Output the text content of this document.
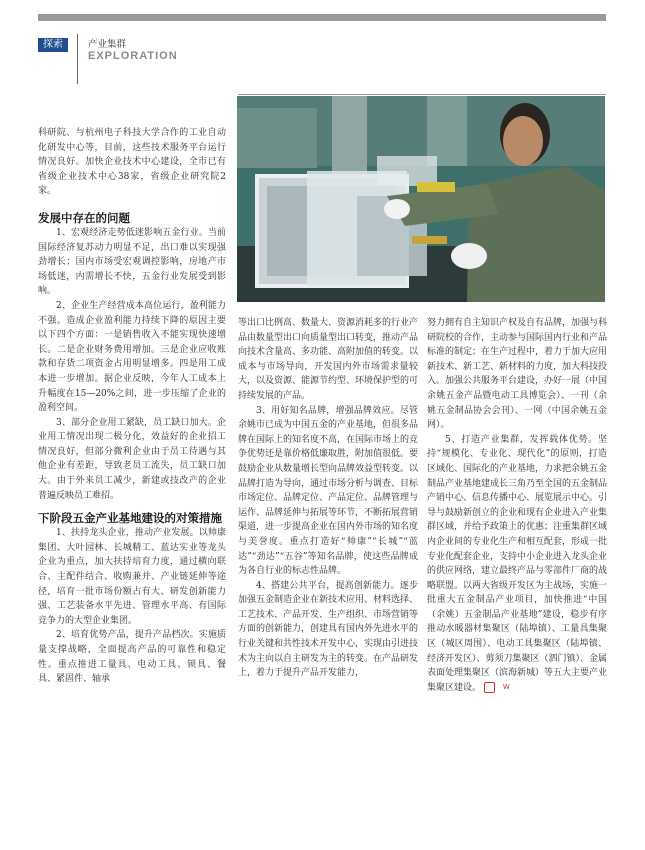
探索	产业集群
EXPLORATION

科研院、与杭州电子科技大学合作的工业自动化研发中心等，目前，这些技术服务平台运行情况良好。加快企业技术中心建设，全市已有省级企业技术中心38家，省级企业研究院2家。

发展中存在的问题

1、宏观经济走势低迷影响五金行业。当前国际经济复苏动力明显不足，出口难以实现强劲增长；国内市场受宏观调控影响，房地产市场低迷，内需增长不快，五金行业发展受到影响。

2、企业生产经营成本高位运行，盈利能力不强。造成企业盈利能力持续下降的原因主要以下四个方面：一是销售收入不能实现快速增长。二是企业财务费用增加。三是企业应收账款和存货二项资金占用明显增多。四是用工成本进一步增加。据企业反映，今年人工成本上升幅度在15—20%之间，进一步压缩了企业的盈利空间。

3、部分企业用工紧缺，员工缺口加大。企业用工情况出现二极分化，效益好的企业招工情况良好，但部分微利企业由于员工待遇与其他企业有差距，导致老员工流失，员工缺口加大。由于外来员工减少，新建或技改产的企业普遍反映员工难招。

下阶段五金产业基地建设的对策措施

1、扶持龙头企业，推动产业发展。以帅康集团、大叶园林、长城精工、蓝达实业等龙头企业为重点，加大扶持培育力度，通过横向联合、主配件结合、收购兼并、产业链延伸等途径，培育一批市场份额占有大、研发创新能力强、工艺装备水平先进、管理水平高、有国际竞争力的大型企业集团。

2、培育优势产品，提升产品档次。实施质量支撑战略，全面提高产品的可靠性和稳定性。重点推进工量具、电动工具、锁具、餐具、紧固件、轴承

等出口比例高、数量大、资源消耗多的行业产品由数量型出口向质量型出口转变，推动产品向技术含量高、多功能、高附加值的转变。以成本与市场导向，开发国内外市场需求量较大，以及资源、能源节约型、环境保护型的可持续发展的产品。

3、用好知名品牌，增强品牌效应。尽管余姚市已成为中国五金的产业基地，但很多品牌在国际上的知名度不高，在国际市场上的竞争优势还是靠价格低廉取胜，附加值很低。要鼓励企业从数量增长型向品牌效益型转变。以品牌打造为导向，通过市场分析与调查、目标市场定位、品牌定位、产品定位、品牌管理与运作、品牌延伸与拓展等环节，不断拓展营销渠道，进一步提高企业在国内外市场的知名度与美誉度。重点打造好“帅康”“长城”“蓝达”“劲达”“五谷”等知名品牌，使这些品牌成为各自行业的标志性品牌。

4、搭建公共平台，提高创新能力。逐步加强五金制造企业在新技术应用、材料选择、工艺技术、产品开发、生产组织、市场营销等方面的创新能力，创建具有国内外先进水平的行业关键和共性技术开发中心，实现由引进技术为主向以自主研发为主的转变。在产品研发上，着力于提升产品开发能力，

努力拥有自主知识产权及自有品牌，加强与科研院校的合作，主动参与国际国内行业和产品标准的制定；在生产过程中，着力于加大应用新技术、新工艺、新材料的力度，加大科技投入。加强公共服务平台建设，办好一展（中国余姚五金产品暨电动工具博览会）、一刊（余姚五金制品协会会刊）、一网（中国余姚五金网）。

5、打造产业集群，发挥载体优势。坚持“规模化、专业化、现代化”的原则，打造区域化、国际化的产业基地，力求把余姚五金制品产业基地建成长三角乃至全国的五金制品产销中心、信息传播中心、展览展示中心。引导与鼓励新创立的企业和现有企业进入产业集群区域，并给予政策上的优惠；注重集群区域内企业间的专业化生产和相互配套，形成一批专业化配套企业，支持中小企业进入龙头企业的供应网络，建立最终产品与零部件厂商的战略联盟。以两大省级开发区为主战场，实施一批重大五金制品产业项目，加快推进“中国（余姚）五金制品产业基地”建设，稳步有序推动水暖器材集聚区（陆埠镇）、工量具集聚区（城区周围）、电动工具集聚区（陆埠镇、经济开发区）、剪须刀集聚区（泗门镇）、金属表面处理集聚区（滨海新城）等五大主要产业集聚区建设。	W
